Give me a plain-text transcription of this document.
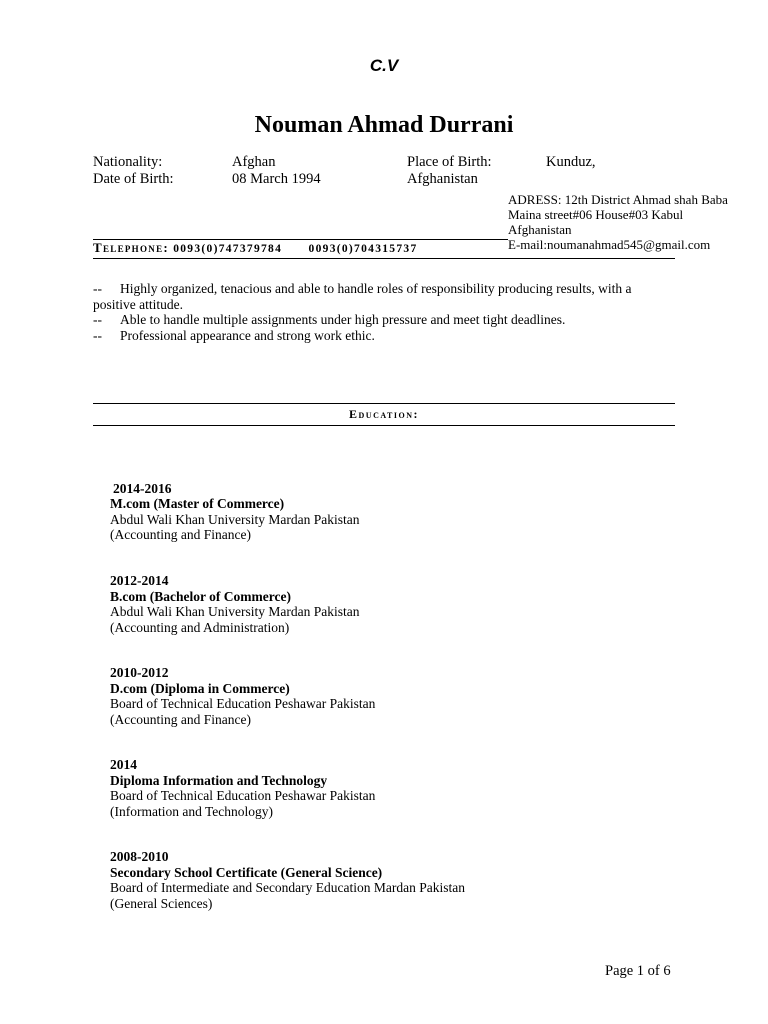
C.V
Nouman Ahmad Durrani
Nationality:	Afghan	Place of Birth:	Kunduz,
Date of Birth:	08 March 1994	Afghanistan
ADRESS: 12th District Ahmad shah Baba
Maina street#06 House#03 Kabul
Afghanistan
E-mail:noumanahmad545@gmail.com
Telephone: 0093(0)747379784 0093(0)704315737
-- Highly organized, tenacious and able to handle roles of responsibility producing results, with a
positive attitude.
-- Able to handle multiple assignments under high pressure and meet tight deadlines.
-- Professional appearance and strong work ethic.
Education:
2014-2016
M.com (Master of Commerce)
Abdul Wali Khan University Mardan Pakistan
(Accounting and Finance)
2012-2014
B.com (Bachelor of Commerce)
Abdul Wali Khan University Mardan Pakistan
(Accounting and Administration)
2010-2012
D.com (Diploma in Commerce)
Board of Technical Education Peshawar Pakistan
(Accounting and Finance)
2014
Diploma Information and Technology
Board of Technical Education Peshawar Pakistan
(Information and Technology)
2008-2010
Secondary School Certificate (General Science)
Board of Intermediate and Secondary Education Mardan Pakistan
(General Sciences)
Page 1 of 6
